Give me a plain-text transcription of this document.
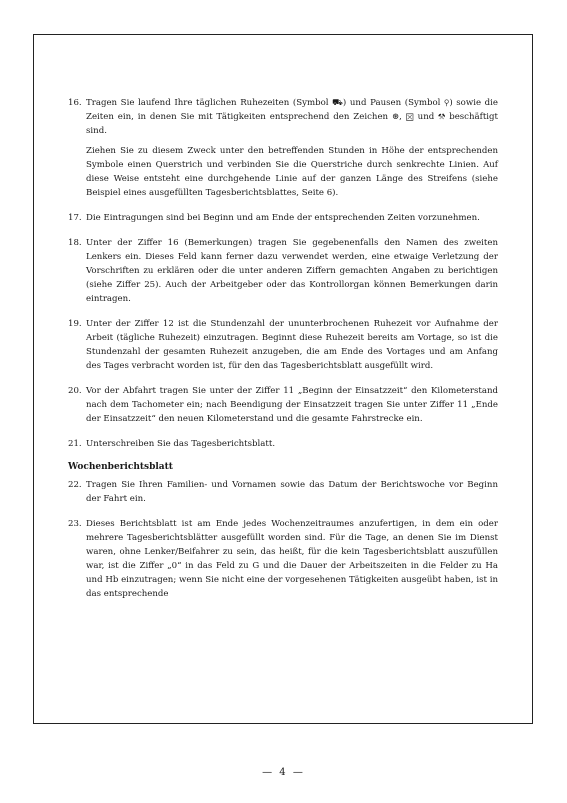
16. Tragen Sie laufend Ihre täglichen Ruhezeiten (Symbol ⛟) und Pausen (Symbol ⚲) sowie die Zeiten ein, in denen Sie mit Tätigkeiten entsprechend den Zeichen ⊛, ☒ und ⚒ beschäftigt sind.

Ziehen Sie zu diesem Zweck unter den betreffenden Stunden in Höhe der entsprechenden Symbole einen Querstrich und verbinden Sie die Querstriche durch senkrechte Linien. Auf diese Weise entsteht eine durchgehende Linie auf der ganzen Länge des Streifens (siehe Beispiel eines ausgefüllten Tagesberichtsblattes, Seite 6).

17. Die Eintragungen sind bei Beginn und am Ende der entsprechenden Zeiten vorzunehmen.

18. Unter der Ziffer 16 (Bemerkungen) tragen Sie gegebenenfalls den Namen des zweiten Lenkers ein. Dieses Feld kann ferner dazu verwendet werden, eine etwaige Verletzung der Vorschriften zu erklären oder die unter anderen Ziffern gemachten Angaben zu berichtigen (siehe Ziffer 25). Auch der Arbeitgeber oder das Kontrollorgan können Bemerkungen darin eintragen.

19. Unter der Ziffer 12 ist die Stundenzahl der ununterbrochenen Ruhezeit vor Aufnahme der Arbeit (tägliche Ruhezeit) einzutragen. Beginnt diese Ruhezeit bereits am Vortage, so ist die Stundenzahl der gesamten Ruhezeit anzugeben, die am Ende des Vortages und am Anfang des Tages verbracht worden ist, für den das Tagesberichtsblatt ausgefüllt wird.

20. Vor der Abfahrt tragen Sie unter der Ziffer 11 „Beginn der Einsatzzeit“ den Kilometerstand nach dem Tachometer ein; nach Beendigung der Einsatzzeit tragen Sie unter Ziffer 11 „Ende der Einsatzzeit“ den neuen Kilometerstand und die gesamte Fahrstrecke ein.

21. Unterschreiben Sie das Tagesberichtsblatt.

Wochenberichtsblatt
22. Tragen Sie Ihren Familien- und Vornamen sowie das Datum der Berichtswoche vor Beginn der Fahrt ein.

23. Dieses Berichtsblatt ist am Ende jedes Wochenzeitraumes anzufertigen, in dem ein oder mehrere Tagesberichtsblätter ausgefüllt worden sind. Für die Tage, an denen Sie im Dienst waren, ohne Lenker/Beifahrer zu sein, das heißt, für die kein Tagesberichtsblatt auszufüllen war, ist die Ziffer „0“ in das Feld zu G und die Dauer der Arbeitszeiten in die Felder zu Ha und Hb einzutragen; wenn Sie nicht eine der vorgesehenen Tätigkeiten ausgeübt haben, ist in das entsprechende

— 4 —
